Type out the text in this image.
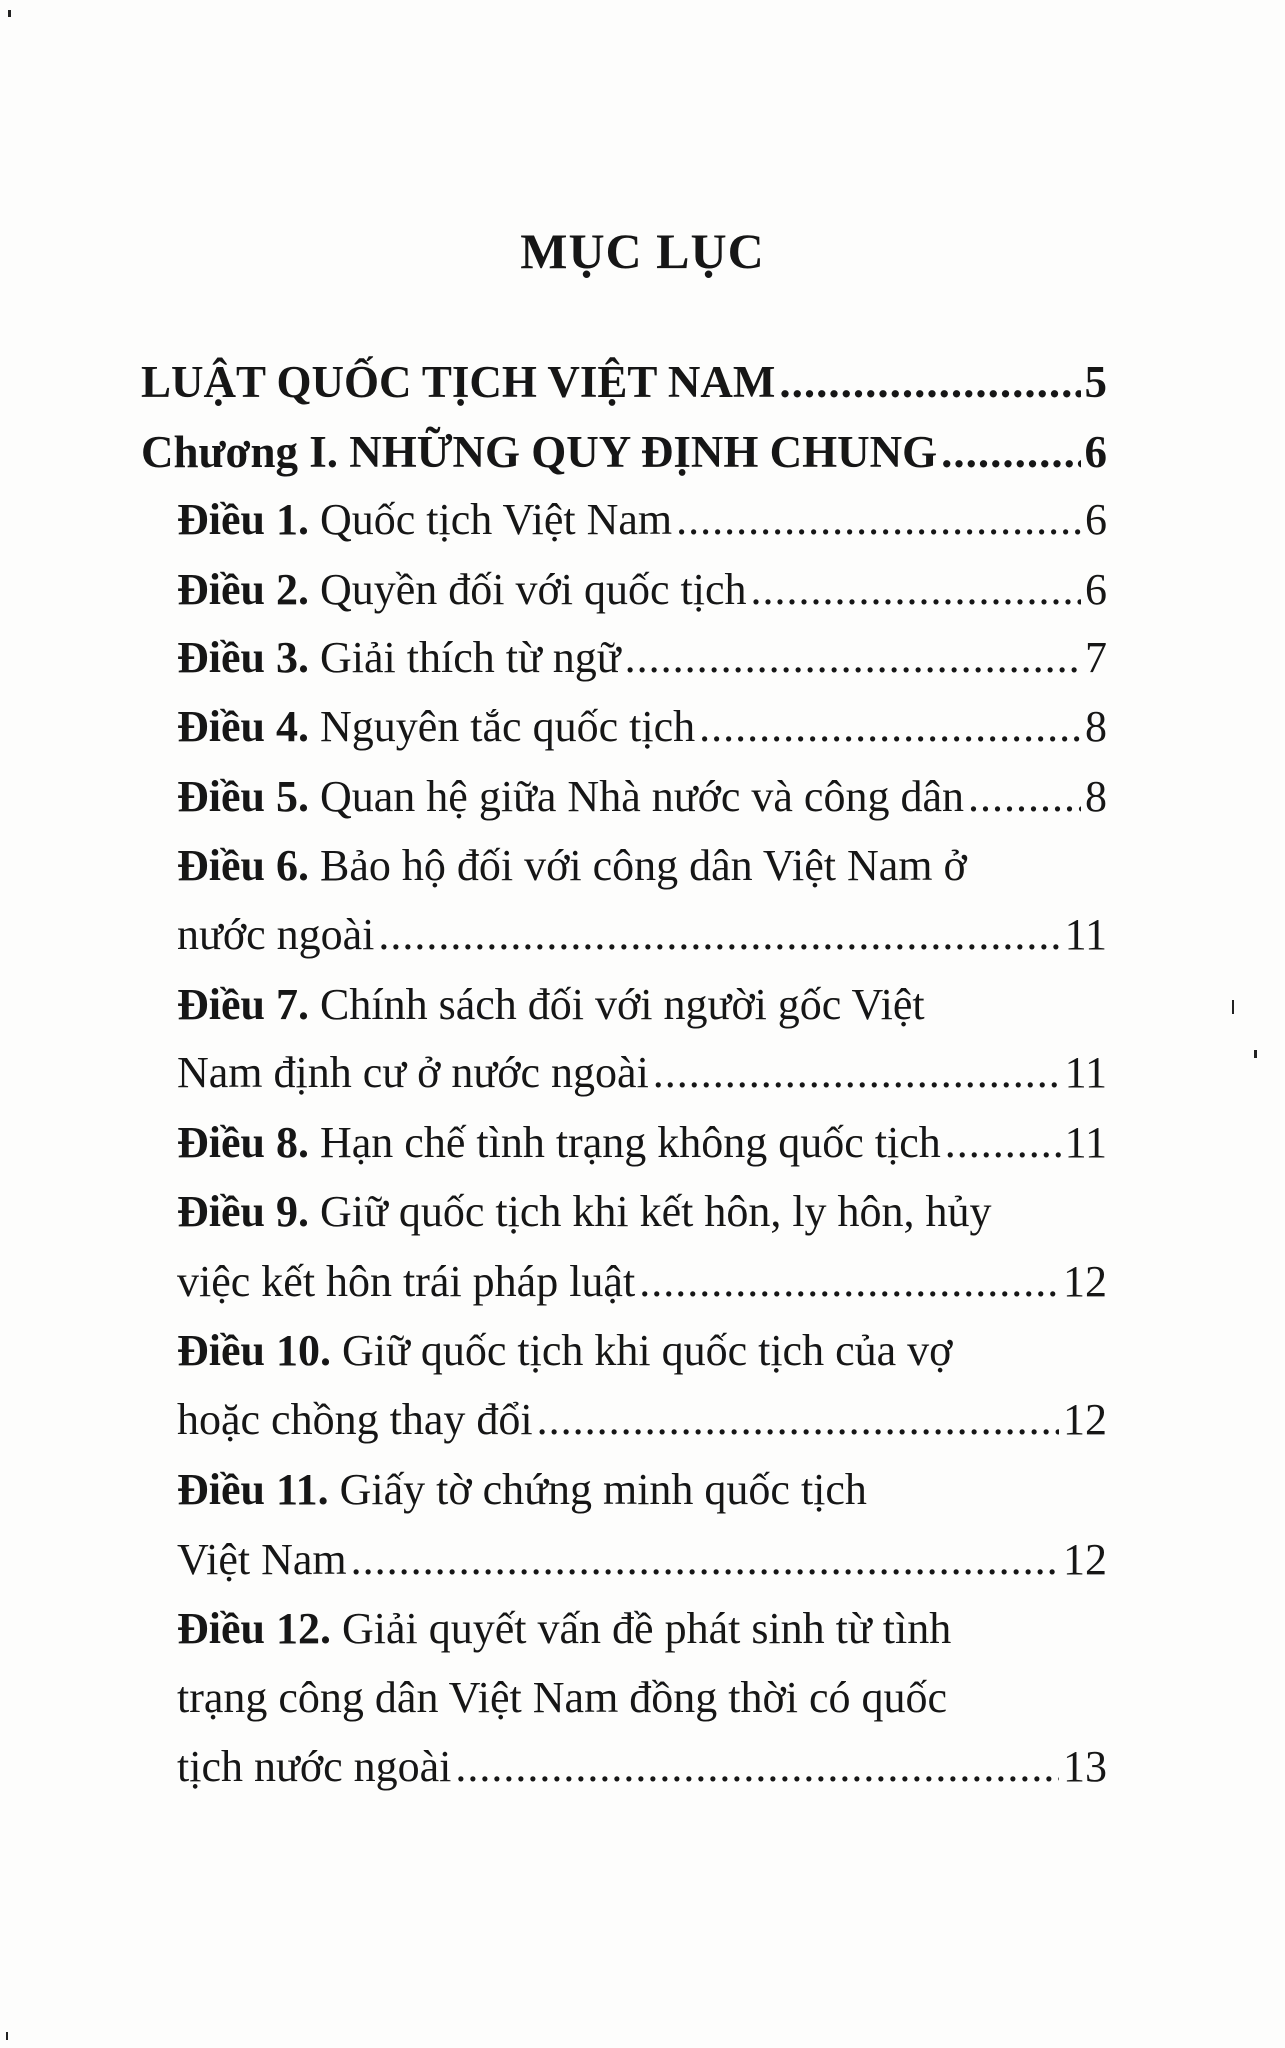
MỤC LỤC
LUẬT QUỐC TỊCH VIỆT NAM .....	5
Chương I. NHỮNG QUY ĐỊNH CHUNG .....	6
Điều 1. Quốc tịch Việt Nam .....	6
Điều 2. Quyền đối với quốc tịch .....	6
Điều 3. Giải thích từ ngữ .....	7
Điều 4. Nguyên tắc quốc tịch .....	8
Điều 5. Quan hệ giữa Nhà nước và công dân .....	8
Điều 6. Bảo hộ đối với công dân Việt Nam ở
nước ngoài .....	11
Điều 7. Chính sách đối với người gốc Việt
Nam định cư ở nước ngoài .....	11
Điều 8. Hạn chế tình trạng không quốc tịch .....	11
Điều 9. Giữ quốc tịch khi kết hôn, ly hôn, hủy
việc kết hôn trái pháp luật .....	12
Điều 10. Giữ quốc tịch khi quốc tịch của vợ
hoặc chồng thay đổi .....	12
Điều 11. Giấy tờ chứng minh quốc tịch
Việt Nam .....	12
Điều 12. Giải quyết vấn đề phát sinh từ tình
trạng công dân Việt Nam đồng thời có quốc
tịch nước ngoài .....	13
